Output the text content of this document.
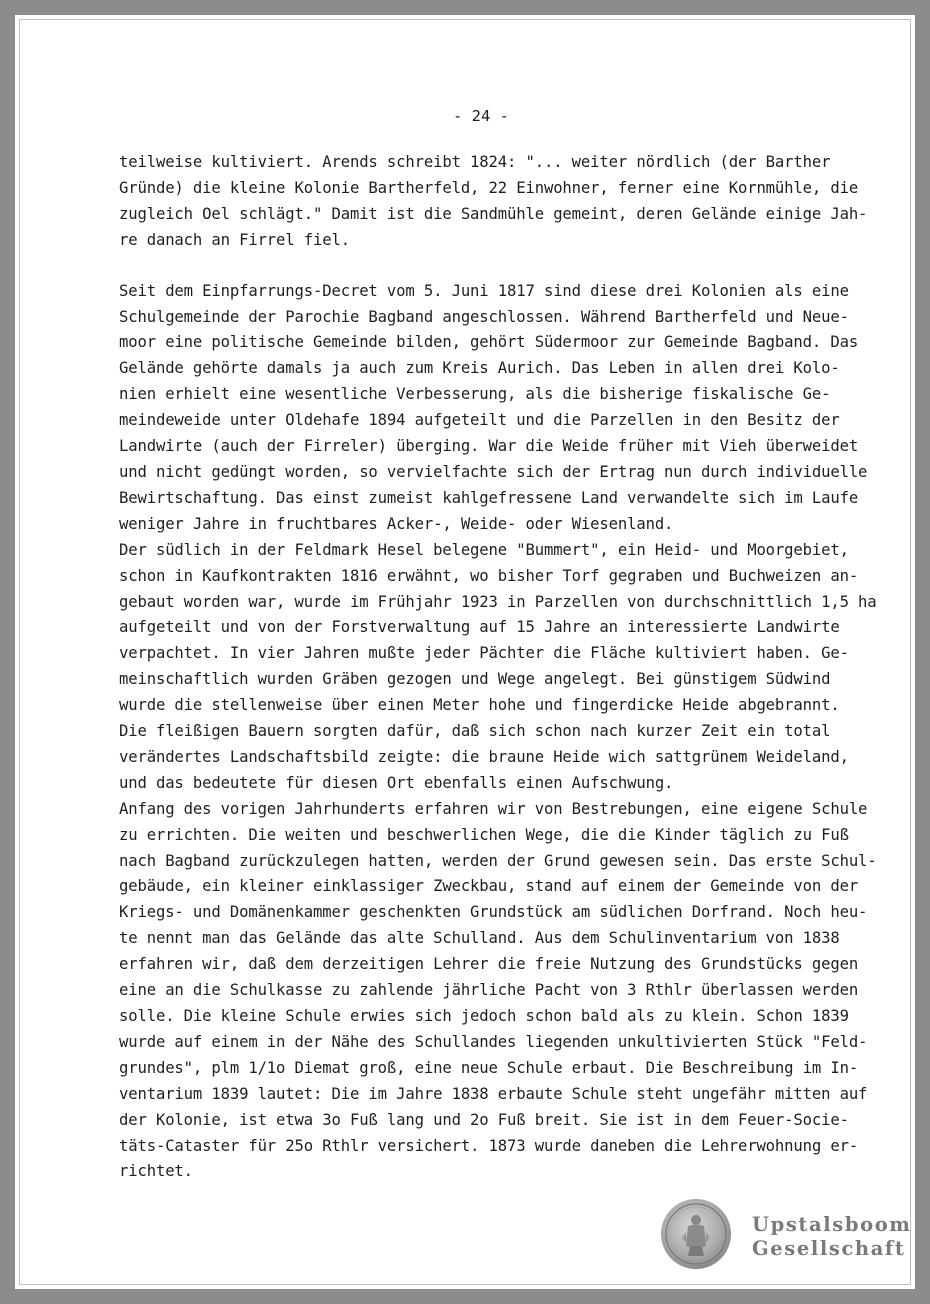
- 24 -
teilweise kultiviert. Arends schreibt 1824: "... weiter nördlich (der Barther
Gründe) die kleine Kolonie Bartherfeld, 22 Einwohner, ferner eine Kornmühle, die
zugleich Oel schlägt." Damit ist die Sandmühle gemeint, deren Gelände einige Jah-
re danach an Firrel fiel.
Seit dem Einpfarrungs-Decret vom 5. Juni 1817 sind diese drei Kolonien als eine
Schulgemeinde der Parochie Bagband angeschlossen. Während Bartherfeld und Neue-
moor eine politische Gemeinde bilden, gehört Südermoor zur Gemeinde Bagband. Das
Gelände gehörte damals ja auch zum Kreis Aurich. Das Leben in allen drei Kolo-
nien erhielt eine wesentliche Verbesserung, als die bisherige fiskalische Ge-
meindeweide unter Oldehafe 1894 aufgeteilt und die Parzellen in den Besitz der
Landwirte (auch der Firreler) überging. War die Weide früher mit Vieh überweidet
und nicht gedüngt worden, so vervielfachte sich der Ertrag nun durch individuelle
Bewirtschaftung. Das einst zumeist kahlgefressene Land verwandelte sich im Laufe
weniger Jahre in fruchtbares Acker-, Weide- oder Wiesenland.
Der südlich in der Feldmark Hesel belegene "Bummert", ein Heid- und Moorgebiet,
schon in Kaufkontrakten 1816 erwähnt, wo bisher Torf gegraben und Buchweizen an-
gebaut worden war, wurde im Frühjahr 1923 in Parzellen von durchschnittlich 1,5 ha
aufgeteilt und von der Forstverwaltung auf 15 Jahre an interessierte Landwirte
verpachtet. In vier Jahren mußte jeder Pächter die Fläche kultiviert haben. Ge-
meinschaftlich wurden Gräben gezogen und Wege angelegt. Bei günstigem Südwind
wurde die stellenweise über einen Meter hohe und fingerdicke Heide abgebrannt.
Die fleißigen Bauern sorgten dafür, daß sich schon nach kurzer Zeit ein total
verändertes Landschaftsbild zeigte: die braune Heide wich sattgrünem Weideland,
und das bedeutete für diesen Ort ebenfalls einen Aufschwung.
Anfang des vorigen Jahrhunderts erfahren wir von Bestrebungen, eine eigene Schule
zu errichten. Die weiten und beschwerlichen Wege, die die Kinder täglich zu Fuß
nach Bagband zurückzulegen hatten, werden der Grund gewesen sein. Das erste Schul-
gebäude, ein kleiner einklassiger Zweckbau, stand auf einem der Gemeinde von der
Kriegs- und Domänenkammer geschenkten Grundstück am südlichen Dorfrand. Noch heu-
te nennt man das Gelände das alte Schulland. Aus dem Schulinventarium von 1838
erfahren wir, daß dem derzeitigen Lehrer die freie Nutzung des Grundstücks gegen
eine an die Schulkasse zu zahlende jährliche Pacht von 3 Rthlr überlassen werden
solle. Die kleine Schule erwies sich jedoch schon bald als zu klein. Schon 1839
wurde auf einem in der Nähe des Schullandes liegenden unkultivierten Stück "Feld-
grundes", plm 1/1o Diemat groß, eine neue Schule erbaut. Die Beschreibung im In-
ventarium 1839 lautet: Die im Jahre 1838 erbaute Schule steht ungefähr mitten auf
der Kolonie, ist etwa 3o Fuß lang und 2o Fuß breit. Sie ist in dem Feuer-Socie-
täts-Cataster für 25o Rthlr versichert. 1873 wurde daneben die Lehrerwohnung er-
richtet.
Upstalsboom
Gesellschaft
